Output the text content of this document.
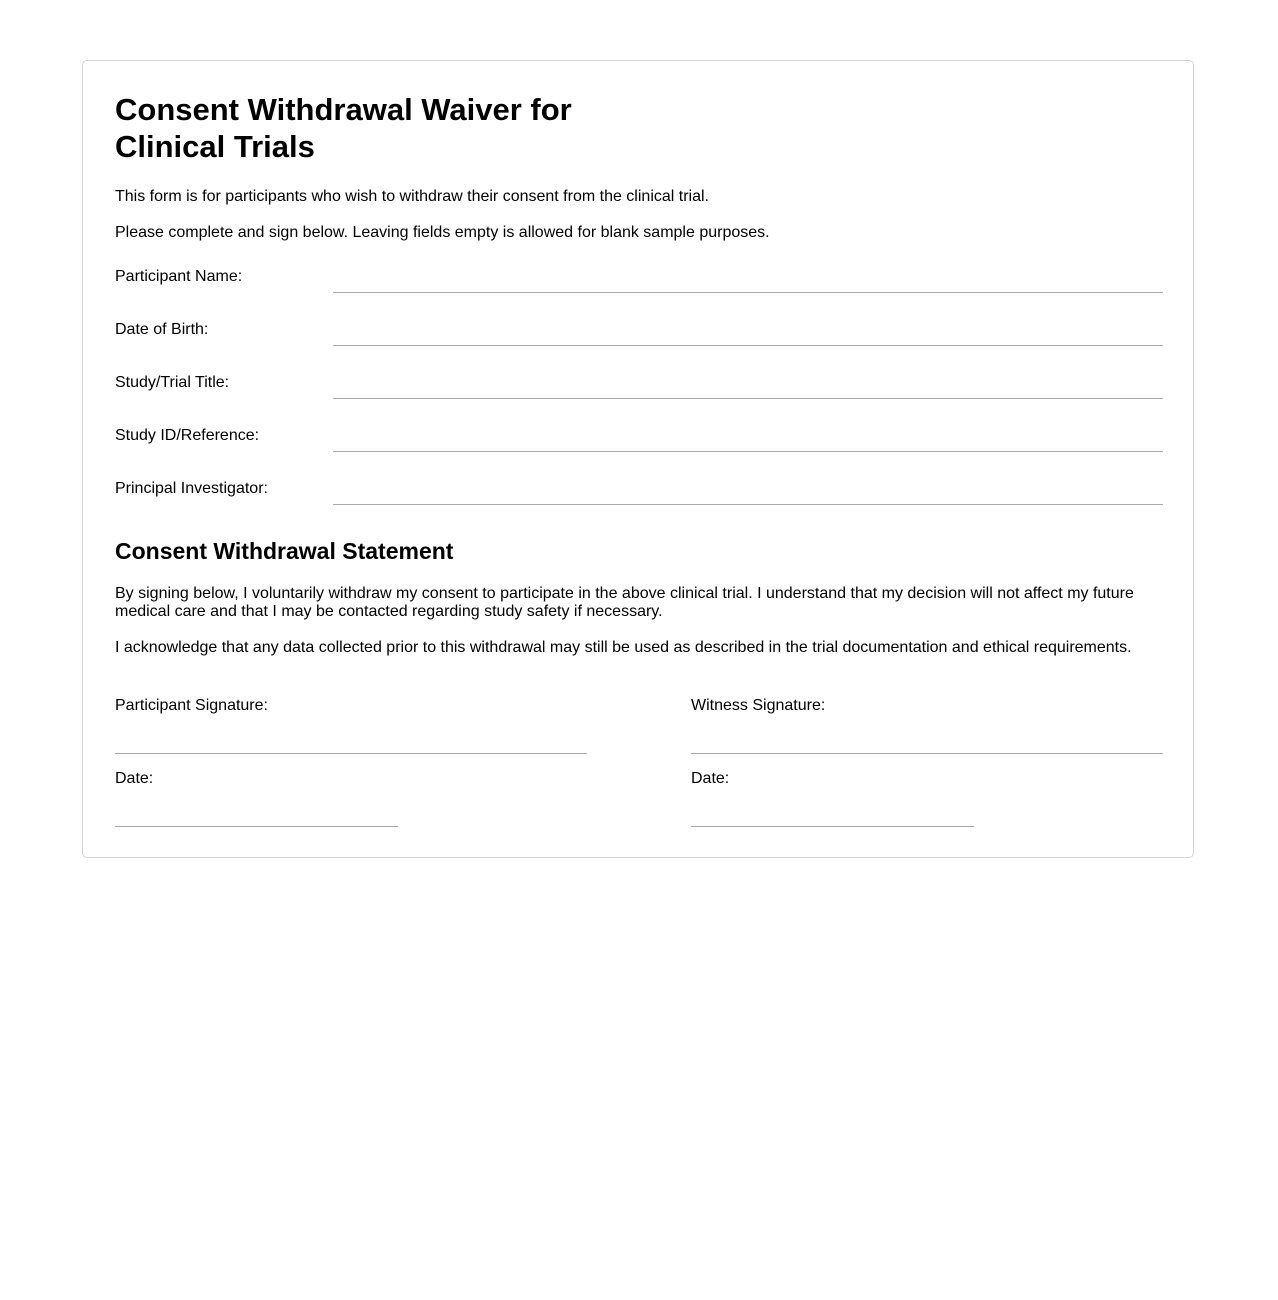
Consent Withdrawal Waiver for Clinical Trials

This form is for participants who wish to withdraw their consent from the clinical trial.

Please complete and sign below. Leaving fields empty is allowed for blank sample purposes.

Participant Name:
Date of Birth:
Study/Trial Title:
Study ID/Reference:
Principal Investigator:
Consent Withdrawal Statement

By signing below, I voluntarily withdraw my consent to participate in the above clinical trial. I understand that my decision will not affect my future medical care and that I may be contacted regarding study safety if necessary.

I acknowledge that any data collected prior to this withdrawal may still be used as described in the trial documentation and ethical requirements.

Participant Signature:
Date:
Witness Signature:
Date:
